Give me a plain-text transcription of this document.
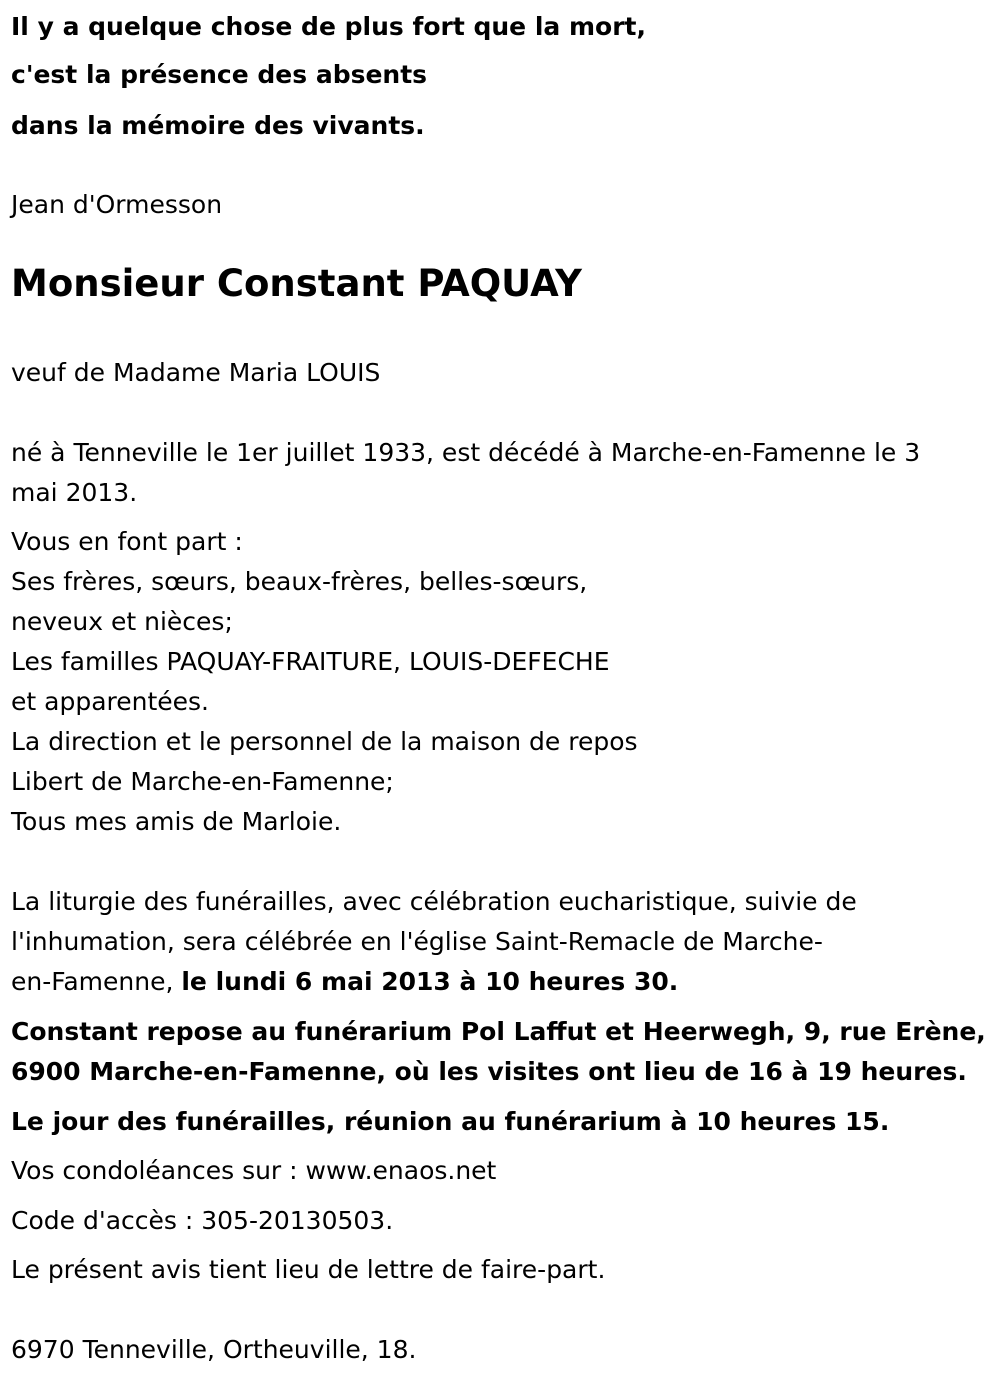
Il y a quelque chose de plus fort que la mort,
c'est la présence des absents
dans la mémoire des vivants.
Jean d'Ormesson
Monsieur Constant PAQUAY
veuf de Madame Maria LOUIS
né à Tenneville le 1er juillet 1933, est décédé à Marche-en-Famenne le 3
mai 2013.
Vous en font part :
Ses frères, sœurs, beaux-frères, belles-sœurs,
neveux et nièces;
Les familles PAQUAY-FRAITURE, LOUIS-DEFECHE
et apparentées.
La direction et le personnel de la maison de repos
Libert de Marche-en-Famenne;
Tous mes amis de Marloie.
La liturgie des funérailles, avec célébration eucharistique, suivie de
l'inhumation, sera célébrée en l'église Saint-Remacle de Marche-
en-Famenne, le lundi 6 mai 2013 à 10 heures 30.
Constant repose au funérarium Pol Laffut et Heerwegh, 9, rue Erène,
6900 Marche-en-Famenne, où les visites ont lieu de 16 à 19 heures.
Le jour des funérailles, réunion au funérarium à 10 heures 15.
Vos condoléances sur : www.enaos.net
Code d'accès : 305-20130503.
Le présent avis tient lieu de lettre de faire-part.
6970 Tenneville, Ortheuville, 18.
